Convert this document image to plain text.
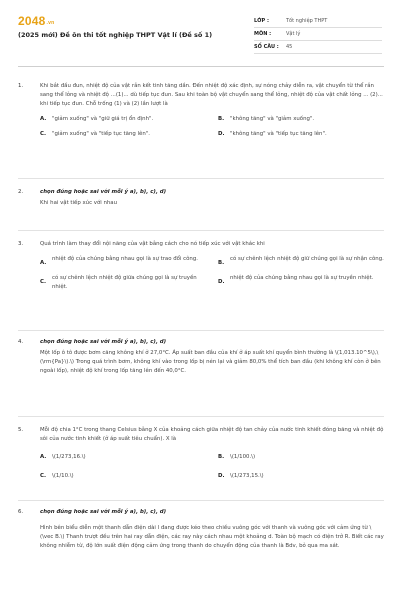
2048.vn
(2025 mới) Đề ôn thi tốt nghiệp THPT Vật lí (Đề số 1)
LỚP :	Tốt nghiệp THPT
MÔN :	Vật lý
SỐ CÂU :	45
1.	Khi bắt đầu đun, nhiệt độ của vật rắn kết tinh tăng dần. Đến nhiệt độ xác định, sự nóng chảy diễn ra, vật chuyển từ thể rắn sang thể lỏng và nhiệt độ ...(1)... dù tiếp tục đun. Sau khi toàn bộ vật chuyển sang thể lỏng, nhiệt độ của vật chất lỏng ... (2)... khi tiếp tục đun. Chỗ trống (1) và (2) lần lượt là
A.	"giảm xuống" và "giữ giá trị ổn định".	B.	"không tăng" và "giảm xuống".
C.	"giảm xuống" và "tiếp tục tăng lên".	D.	"không tăng" và "tiếp tục tăng lên".
2.	chọn đúng hoặc sai với mỗi ý a), b), c), d)
Khi hai vật tiếp xúc với nhau
3.	Quá trình làm thay đổi nội năng của vật bằng cách cho nó tiếp xúc với vật khác khi
A.
nhiệt độ của chúng bằng nhau gọi là sự trao đổi công.
B.
có sự chênh lệch nhiệt độ giữ chúng gọi là sự nhận công.
C.
có sự chênh lệch nhiệt độ giữa chúng gọi là sự truyền nhiệt.
D.
nhiệt độ của chúng bằng nhau gọi là sự truyền nhiệt.
4.	chọn đúng hoặc sai với mỗi ý a), b), c), d)
Một lốp ô tô được bơm căng không khí ở 27,0°C. Áp suất ban đầu của khí ở áp suất khí quyển bình thường là \(1,013.10^5\),\(\rm{Pa}\).\) Trong quá trình bơm, không khí vào trong lốp bị nén lại và giảm 80,0% thể tích ban đầu (khi không khí còn ở bên ngoài lốp), nhiệt độ khí trong lốp tăng lên đến 40,0°C.
5.	Mỗi độ chia 1°C trong thang Celsius bằng X của khoảng cách giữa nhiệt độ tan chảy của nước tinh khiết đóng băng và nhiệt độ sôi của nước tinh khiết (ở áp suất tiêu chuẩn). X là
A.	\(1/273,16.\)	B.	\(1/100.\)
C.	\(1/10.\)	D.	\(1/273,15.\)
6.	chọn đúng hoặc sai với mỗi ý a), b), c), d)
Hình bên biểu diễn một thanh dẫn điện dài l đang được kéo theo chiều vuông góc với thanh và vuông góc với cảm ứng từ \(\vec B.\) Thanh trượt đều trên hai ray dẫn điện, các ray này cách nhau một khoảng d. Toàn bộ mạch có điện trở R. Biết các ray không nhiễm từ, độ lớn suất điện động cảm ứng trong thanh do chuyển động của thanh là Bdv, bỏ qua ma sát.
